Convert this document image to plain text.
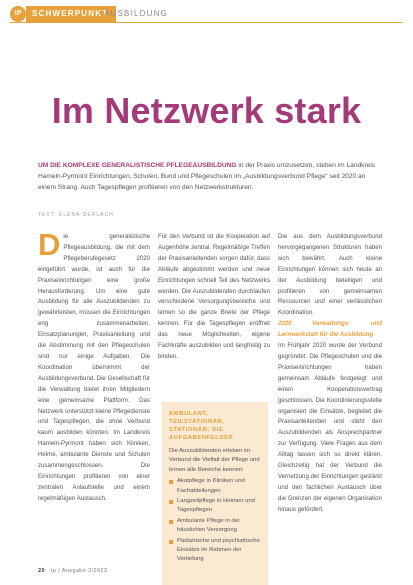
tP	SCHWERPUNKT
AUSBILDUNG
Im Netzwerk stark

UM DIE KOMPLEXE GENERALISTISCHE PFLEGEAUSBILDUNG in der Praxis umzusetzen, stehen im Landkreis Hameln-Pyrmont Einrichtungen, Schulen, Bund und Pflegeschulen im „Ausbildungsverbund Pflege“ seit 2020 an einem Strang. Auch Tagespflegen profitieren von den Netzwerkstrukturen.

TEXT: ELENA GERLACH

Die generalistische Pflegeausbildung, die mit dem Pflegeberufegesetz 2020 eingeführt wurde, ist auch für die Praxiseinrichtungen eine große Herausforderung. Um eine gute Ausbildung für alle Auszubildenden zu gewährleisten, müssen die Einrichtungen eng zusammenarbeiten. Einsatzplanungen, Praxisanleitung und die Abstimmung mit den Pflegeschulen sind nur einige Aufgaben. Die Koordination übernimmt der Ausbildungsverbund. Die Gesellschaft für die Verwaltung bietet ihren Mitgliedern eine gemeinsame Plattform. Das Netzwerk unterstützt kleine Pflegedienste und Tagespflegen, die ohne Verbund kaum ausbilden könnten. Im Landkreis Hameln-Pyrmont haben sich Kliniken, Heime, ambulante Dienste und Schulen zusammengeschlossen. Die Einrichtungen profitieren von einer zentralen Anlaufstelle und einem regelmäßigen Austausch.

Für den Verbund ist die Kooperation auf Augenhöhe zentral. Regelmäßige Treffen der Praxisanleitenden sorgen dafür, dass Abläufe abgestimmt werden und neue Einrichtungen schnell Teil des Netzwerks werden. Die Auszubildenden durchlaufen verschiedene Versorgungsbereiche und lernen so die ganze Breite der Pflege kennen. Für die Tagespflegen eröffnet das neue Möglichkeiten, eigene Fachkräfte auszubilden und langfristig zu binden.

Die aus dem Ausbildungsverbund hervorgegangenen Strukturen haben sich bewährt. Auch kleine Einrichtungen können sich heute an der Ausbildung beteiligen und profitieren von gemeinsamen Ressourcen und einer verlässlichen Koordination.

2020 Verwaltungs- und Lernwerkstatt für die Ausbildung

Im Frühjahr 2020 wurde der Verbund gegründet. Die Pflegeschulen und die Praxiseinrichtungen haben gemeinsam Abläufe festgelegt und einen Kooperationsvertrag geschlossen. Die Koordinierungsstelle organisiert die Einsätze, begleitet die Praxisanleitenden und steht den Auszubildenden als Ansprechpartner zur Verfügung. Viele Fragen aus dem Alltag lassen sich so direkt klären. Gleichzeitig hat der Verbund die Vernetzung der Einrichtungen gestärkt und den fachlichen Austausch über die Grenzen der eigenen Organisation hinaus gefördert.

AMBULANT, TEILSTATIONÄR, STATIONÄR: DIE AUFGABENFELDER

Die Auszubildenden erleben im Verbund die Vielfalt der Pflege und lernen alle Bereiche kennen:

Akutpflege in Kliniken und Fachabteilungen
Langzeitpflege in Heimen und Tagespflegen
Ambulante Pflege in der häuslichen Versorgung
Pädiatrische und psychiatrische Einsätze im Rahmen der Vertiefung
20 tp | Ausgabe 2/2023
